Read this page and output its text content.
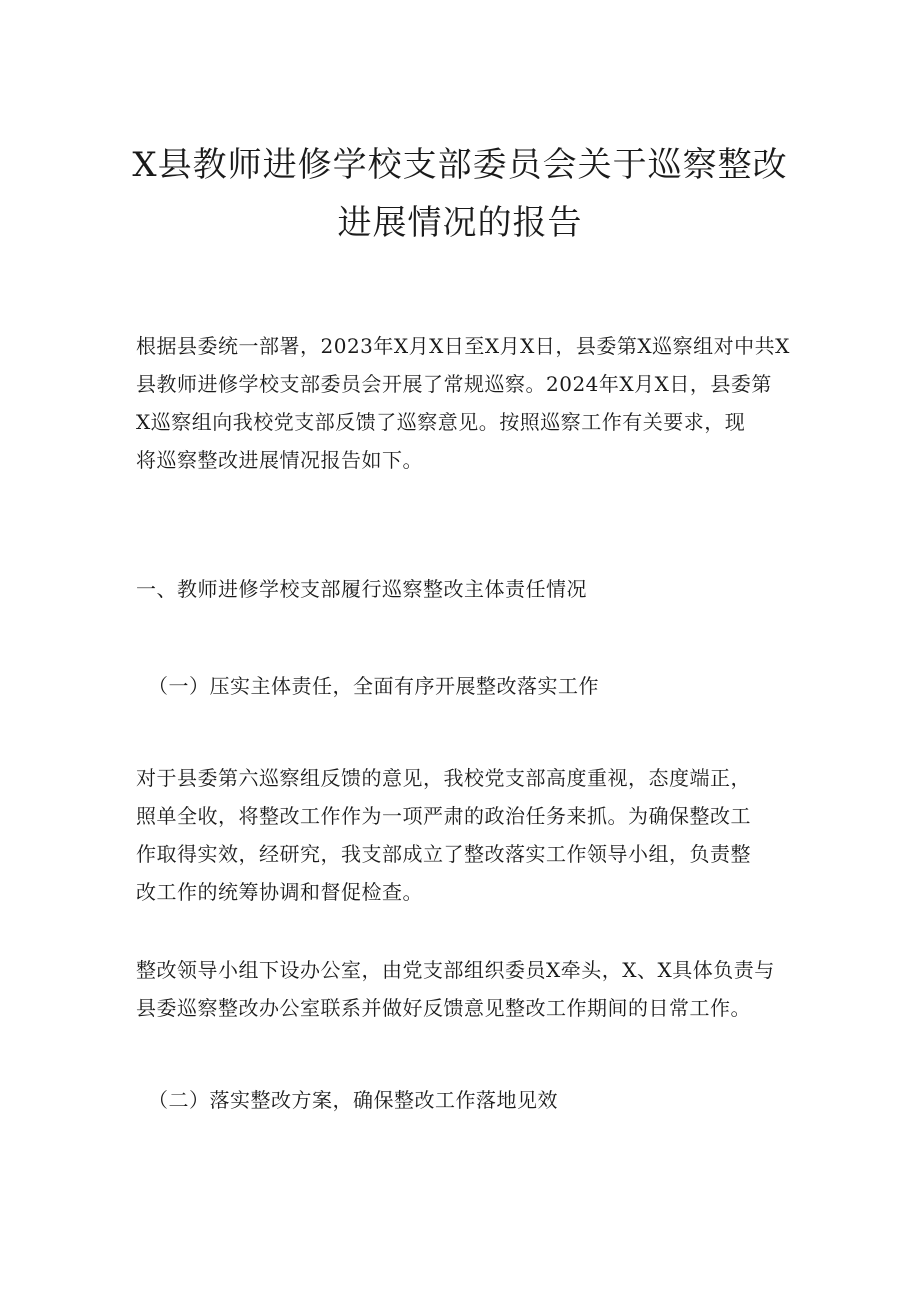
X县教师进修学校支部委员会关于巡察整改
进展情况的报告

根据县委统一部署，2023年X月X日至X月X日，县委第X巡察组对中共X
县教师进修学校支部委员会开展了常规巡察。2024年X月X日，县委第
X巡察组向我校党支部反馈了巡察意见。按照巡察工作有关要求，现
将巡察整改进展情况报告如下。

一、教师进修学校支部履行巡察整改主体责任情况

（一）压实主体责任，全面有序开展整改落实工作

对于县委第六巡察组反馈的意见，我校党支部高度重视，态度端正，
照单全收，将整改工作作为一项严肃的政治任务来抓。为确保整改工
作取得实效，经研究，我支部成立了整改落实工作领导小组，负责整
改工作的统筹协调和督促检查。

整改领导小组下设办公室，由党支部组织委员X牵头，X、X具体负责与
县委巡察整改办公室联系并做好反馈意见整改工作期间的日常工作。

（二）落实整改方案，确保整改工作落地见效
